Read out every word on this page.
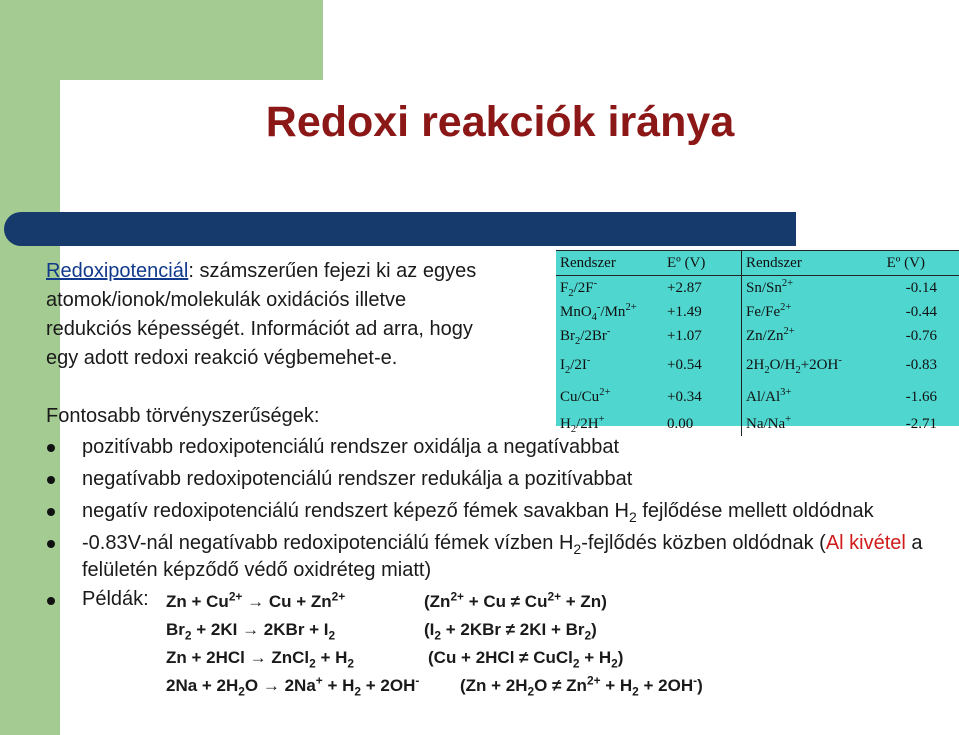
Redoxi reakciók iránya

Redoxipotenciál: számszerűen fejezi ki az egyes atomok/ionok/molekulák oxidációs illetve redukciós képességét. Információt ad arra, hogy egy adott redoxi reakció végbemehet-e.

Rendszer	Eº (V)	Rendszer	Eº (V)
$F_2/2F^-$	+2.87	$Sn/Sn^{2+}$	-0.14
$MnO_4^-/Mn^{2+}$	+1.49	$Fe/Fe^{2+}$	-0.44
$Br_2/2Br^-$	+1.07	$Zn/Zn^{2+}$	-0.76
$I_2/2I^-$	+0.54	$2H_2O/H_2+2OH^-$	-0.83
$Cu/Cu^{2+}$	+0.34	$Al/Al^{3+}$	-1.66
$H_2/2H^+$	0.00	Na/Na+	-2.71

Fontosabb törvényszerűségek:

pozitívabb redoxipotenciálú rendszer oxidálja a negatívabbat
negatívabb redoxipotenciálú rendszer redukálja a pozitívabbat
negatív redoxipotenciálú rendszert képező fémek savakban $H_2$ fejlődése mellett oldódnak
-0.83V-nál negatívabb redoxipotenciálú fémek vízben $H_2$-fejlődés közben oldódnak (Al kivétel a felületén képződő védő oxidréteg miatt)
Példák: $Zn + Cu^{2+} \to Cu + Zn^{2+}$	$(Zn^{2+} + Cu \ne Cu^{2+} + Zn)$
$Br_2 + 2KI \to 2KBr + I_2$	$(I_2 + 2KBr \ne 2KI + Br_2)$
Zn + 2HCl → ZnCl$_2$ + $H_2$	(Cu + 2HCl ≠ CuCl$_2$ + $H_2$)
$2Na + 2H_2O \to 2Na^+ + H_2 + 2OH^-$ $(Zn + 2H_2O \ne Zn^{2+} + H_2 + 2OH^-)$
